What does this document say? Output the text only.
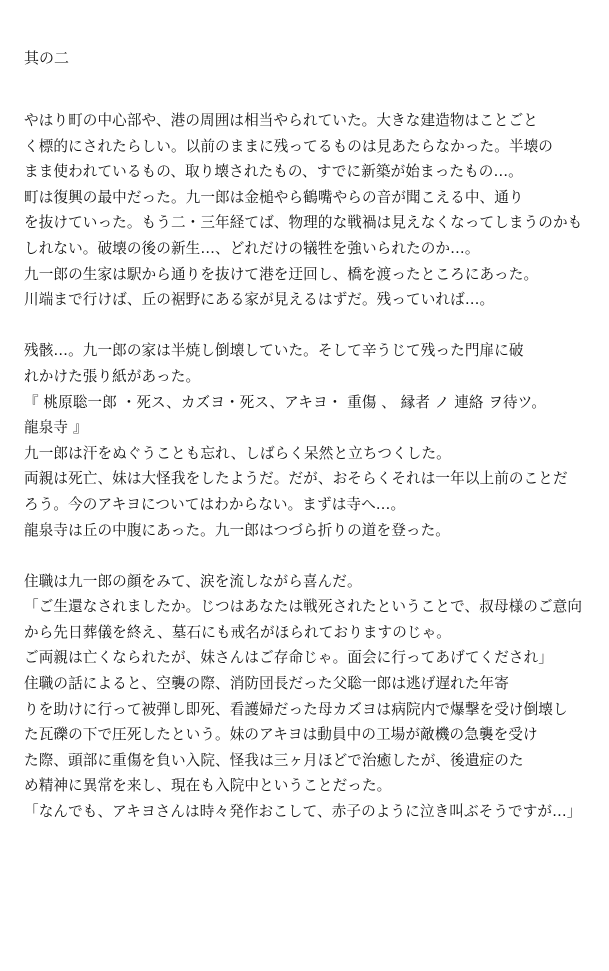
其の二
やはり町の中心部や、港の周囲は相当やられていた。大きな建造物はことごと
く標的にされたらしい。以前のままに残ってるものは見あたらなかった。半壊の
まま使われているもの、取り壊されたもの、すでに新築が始まったもの…。
町は復興の最中だった。九一郎は金槌やら鶴嘴やらの音が聞こえる中、通り
を抜けていった。もう二・三年経てば、物理的な戦禍は見えなくなってしまうのかも
しれない。破壊の後の新生…、どれだけの犠牲を強いられたのか…。
九一郎の生家は駅から通りを抜けて港を迂回し、橋を渡ったところにあった。
川端まで行けば、丘の裾野にある家が見えるはずだ。残っていれば…。
残骸…。九一郎の家は半焼し倒壊していた。そして辛うじて残った門扉に破
れかけた張り紙があった。
『 桃原聡一郎 ・死ス、カズヨ・死ス、アキヨ・ 重傷 、 縁者 ノ 連絡 ヲ待ツ。
龍泉寺 』
九一郎は汗をぬぐうことも忘れ、しばらく呆然と立ちつくした。
両親は死亡、妹は大怪我をしたようだ。だが、おそらくそれは一年以上前のことだ
ろう。今のアキヨについてはわからない。まずは寺へ…。
龍泉寺は丘の中腹にあった。九一郎はつづら折りの道を登った。
住職は九一郎の顔をみて、涙を流しながら喜んだ。
「ご生還なされましたか。じつはあなたは戦死されたということで、叔母様のご意向
から先日葬儀を終え、墓石にも戒名がほられておりますのじゃ。
ご両親は亡くなられたが、妹さんはご存命じゃ。面会に行ってあげてくだされ」
住職の話によると、空襲の際、消防団長だった父聡一郎は逃げ遅れた年寄
りを助けに行って被弾し即死、看護婦だった母カズヨは病院内で爆撃を受け倒壊し
た瓦礫の下で圧死したという。妹のアキヨは動員中の工場が敵機の急襲を受け
た際、頭部に重傷を負い入院、怪我は三ヶ月ほどで治癒したが、後遺症のた
め精神に異常を来し、現在も入院中ということだった。
「なんでも、アキヨさんは時々発作おこして、赤子のように泣き叫ぶそうですが…」
